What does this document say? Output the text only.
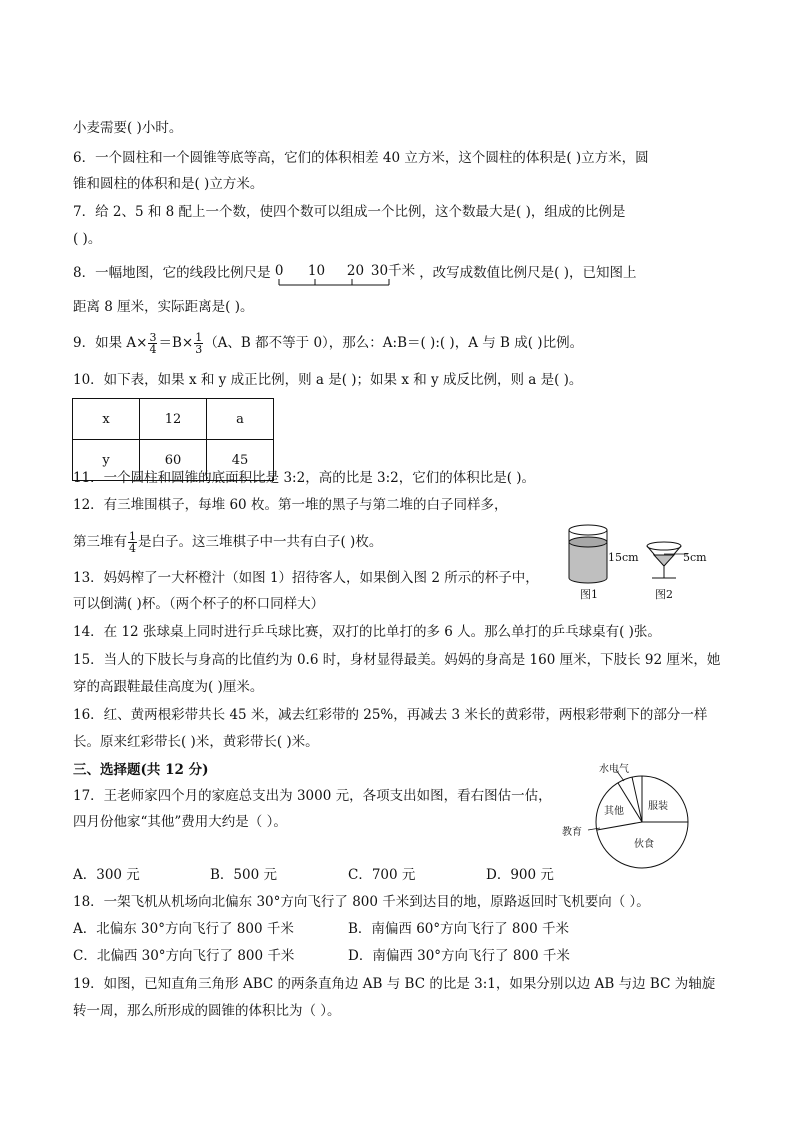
小麦需要( )小时。
6．一个圆柱和一个圆锥等底等高，它们的体积相差 40 立方米，这个圆柱的体积是( )立方米，圆
锥和圆柱的体积和是( )立方米。
7．给 2、5 和 8 配上一个数，使四个数可以组成一个比例，这个数最大是( )，组成的比例是
( )。
8．一幅地图，它的线段比例尺是 0 10 20 30千米 ，改写成数值比例尺是( )，已知图上
距离 8 厘米，实际距离是( )。
9．如果 $A\times \frac{3}{4} =B\times \frac{1}{3} (A$、B 都不等于 0），那么：A:B＝( ):( )，A 与 B 成( )比例。
10．如下表，如果 x 和 y 成正比例，则 a 是( )；如果 x 和 y 成反比例，则 a 是( )。
x	12	a
y	60	45
11．一个圆柱和圆锥的底面积比是 3:2，高的比是 3:2，它们的体积比是( )。
12．有三堆围棋子，每堆 60 枚。第一堆的黑子与第二堆的白子同样多，
第三堆有 $\frac{1}{4}$ 是白子。这三堆棋子中一共有白子( )枚。
15cm	5cm
图1	图2
13．妈妈榨了一大杯橙汁（如图 1）招待客人，如果倒入图 2 所示的杯子中，
可以倒满( )杯。（两个杯子的杯口同样大）
14．在 12 张球桌上同时进行乒乓球比赛，双打的比单打的多 6 人。那么单打的乒乓球桌有( )张。
15．当人的下肢长与身高的比值约为 0.6 时，身材显得最美。妈妈的身高是 160 厘米，下肢长 92 厘米，她
穿的高跟鞋最佳高度为( )厘米。
16．红、黄两根彩带共长 45 米，减去红彩带的 25%，再减去 3 米长的黄彩带，两根彩带剩下的部分一样
长。原来红彩带长( )米，黄彩带长( )米。
三、选择题(共 12 分)
17．王老师家四个月的家庭总支出为 3000 元，各项支出如图，看右图估一估，
四月份他家“其他”费用大约是（ ）。
水电气
服装
其他
教育
伙食
A．300 元	B．500 元	C．700 元	D．900 元
18．一架飞机从机场向北偏东 30°方向飞行了 800 千米到达目的地，原路返回时飞机要向（ ）。
A．北偏东 30°方向飞行了 800 千米	B．南偏西 60°方向飞行了 800 千米
C．北偏西 30°方向飞行了 800 千米	D．南偏西 30°方向飞行了 800 千米
19．如图，已知直角三角形 ABC 的两条直角边 AB 与 BC 的比是 3:1，如果分别以边 AB 与边 BC 为轴旋
转一周，那么所形成的圆锥的体积比为（ ）。
